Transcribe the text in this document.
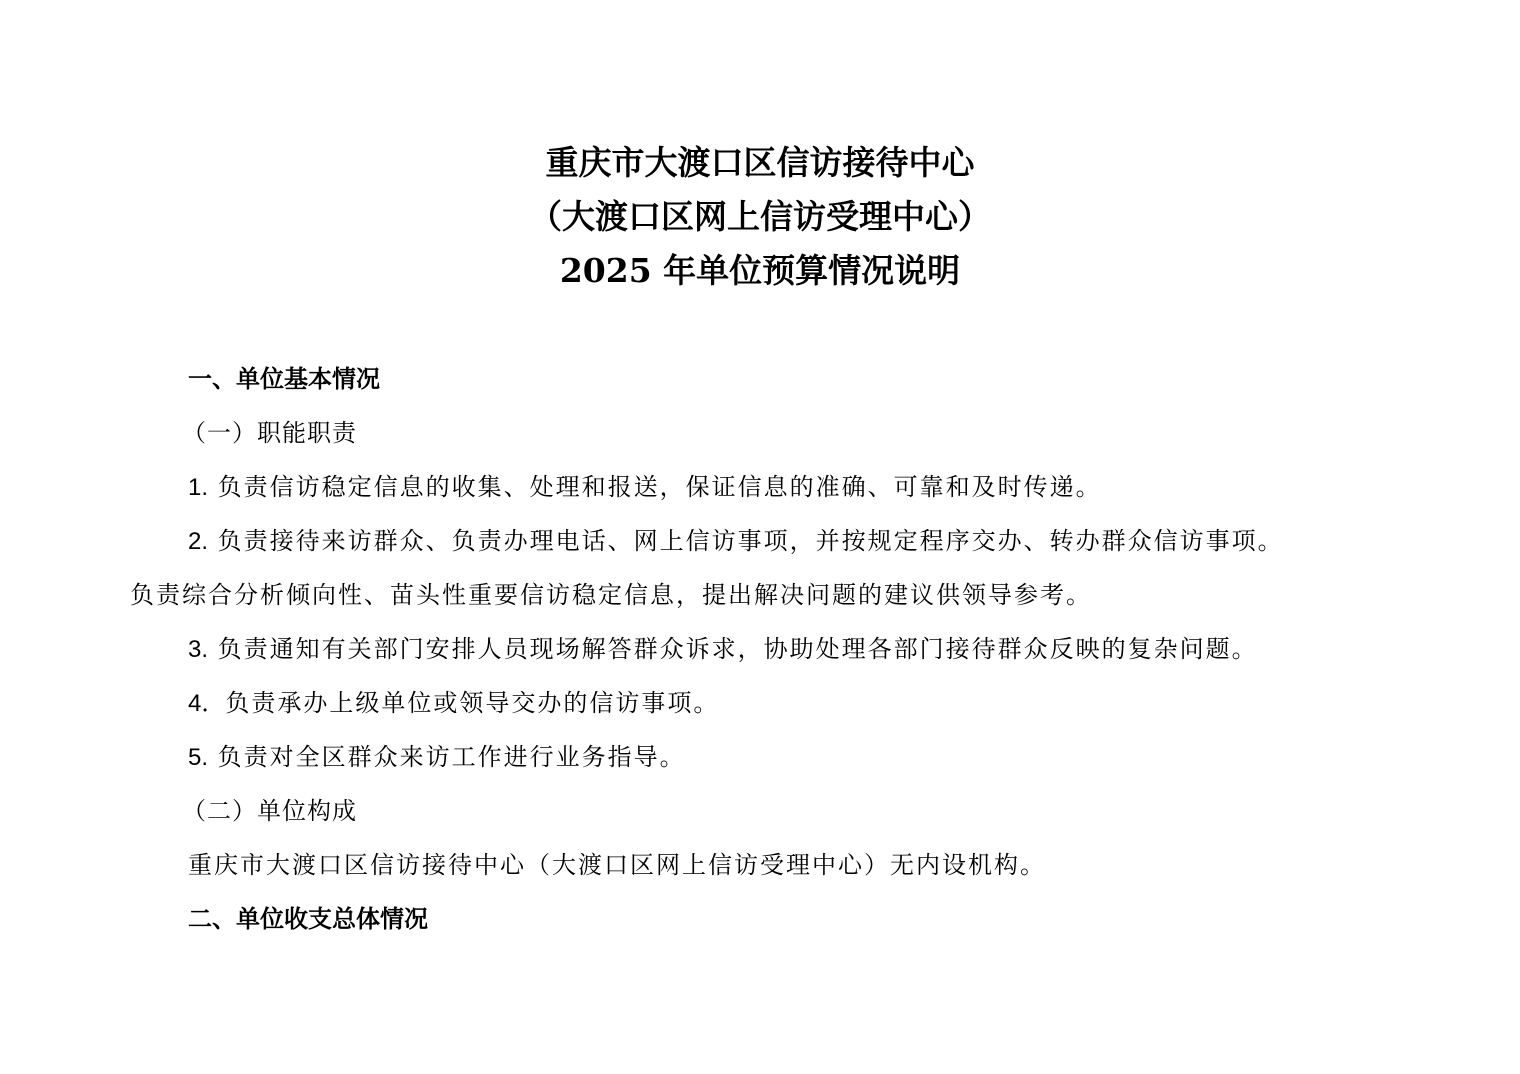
重庆市大渡口区信访接待中心
（大渡口区网上信访受理中心）
2025 年单位预算情况说明
一、单位基本情况
（一）职能职责
1. 负责信访稳定信息的收集、处理和报送，保证信息的准确、可靠和及时传递。
2. 负责接待来访群众、负责办理电话、网上信访事项，并按规定程序交办、转办群众信访事项。
负责综合分析倾向性、苗头性重要信访稳定信息，提出解决问题的建议供领导参考。
3. 负责通知有关部门安排人员现场解答群众诉求，协助处理各部门接待群众反映的复杂问题。
4．负责承办上级单位或领导交办的信访事项。
5. 负责对全区群众来访工作进行业务指导。
（二）单位构成
重庆市大渡口区信访接待中心（大渡口区网上信访受理中心）无内设机构。
二、单位收支总体情况
